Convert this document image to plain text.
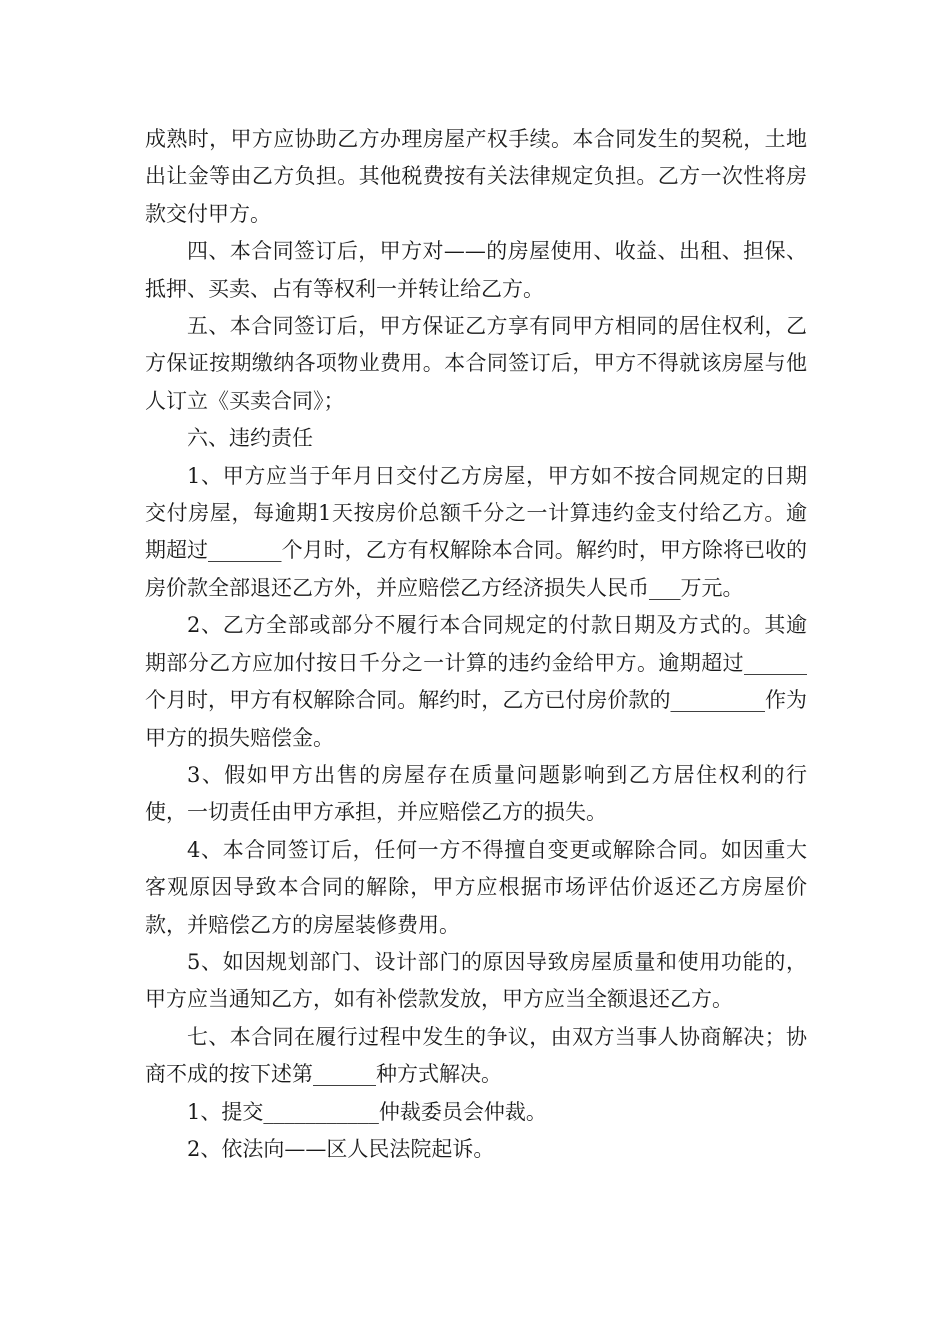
成熟时，甲方应协助乙方办理房屋产权手续。本合同发生的契税，土地出让金等由乙方负担。其他税费按有关法律规定负担。乙方一次性将房款交付甲方。

四、本合同签订后，甲方对——的房屋使用、收益、出租、担保、抵押、买卖、占有等权利一并转让给乙方。

五、本合同签订后，甲方保证乙方享有同甲方相同的居住权利，乙方保证按期缴纳各项物业费用。本合同签订后，甲方不得就该房屋与他人订立《买卖合同》；

六、违约责任

1、甲方应当于年月日交付乙方房屋，甲方如不按合同规定的日期交付房屋，每逾期1天按房价总额千分之一计算违约金支付给乙方。逾期超过_______个月时，乙方有权解除本合同。解约时，甲方除将已收的房价款全部退还乙方外，并应赔偿乙方经济损失人民币___万元。

2、乙方全部或部分不履行本合同规定的付款日期及方式的。其逾期部分乙方应加付按日千分之一计算的违约金给甲方。逾期超过______个月时，甲方有权解除合同。解约时，乙方已付房价款的_________作为甲方的损失赔偿金。

3、假如甲方出售的房屋存在质量问题影响到乙方居住权利的行使，一切责任由甲方承担，并应赔偿乙方的损失。

4、本合同签订后，任何一方不得擅自变更或解除合同。如因重大客观原因导致本合同的解除，甲方应根据市场评估价返还乙方房屋价款，并赔偿乙方的房屋装修费用。

5、如因规划部门、设计部门的原因导致房屋质量和使用功能的，甲方应当通知乙方，如有补偿款发放，甲方应当全额退还乙方。

七、本合同在履行过程中发生的争议，由双方当事人协商解决；协商不成的按下述第______种方式解决。

1、提交___________仲裁委员会仲裁。

2、依法向——区人民法院起诉。
